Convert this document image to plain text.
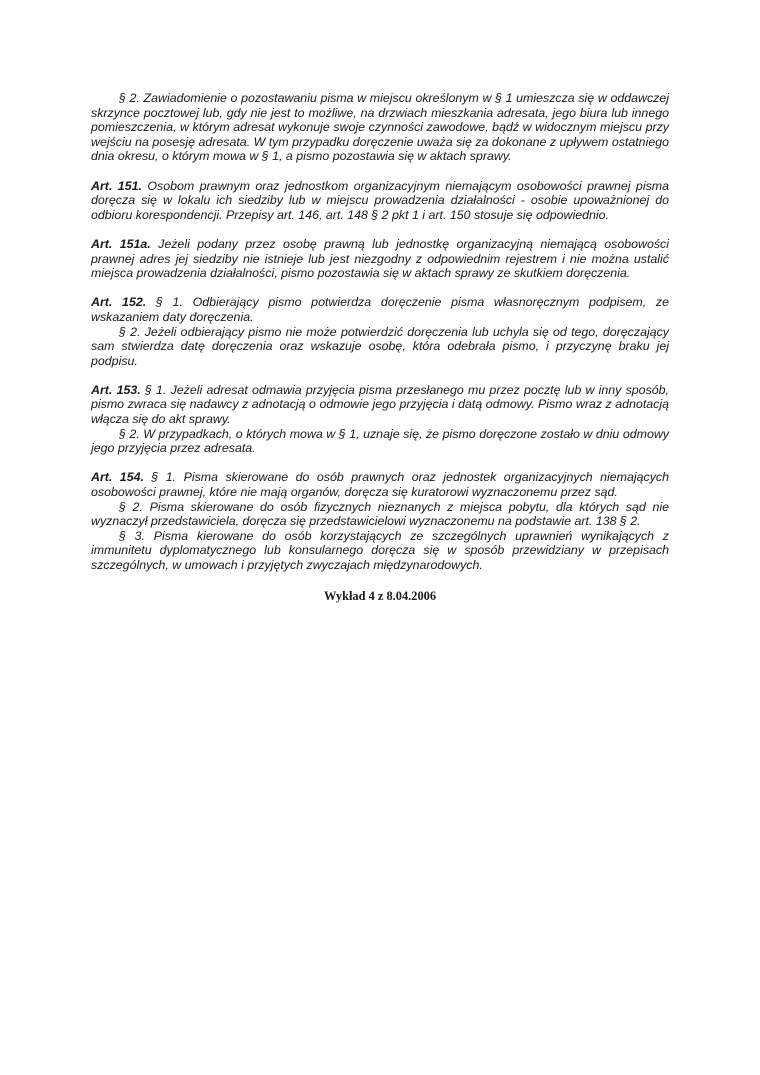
§ 2. Zawiadomienie o pozostawaniu pisma w miejscu określonym w § 1 umieszcza się w oddawczej skrzynce pocztowej lub, gdy nie jest to możliwe, na drzwiach mieszkania adresata, jego biura lub innego pomieszczenia, w którym adresat wykonuje swoje czynności zawodowe, bądź w widocznym miejscu przy wejściu na posesję adresata. W tym przypadku doręczenie uważa się za dokonane z upływem ostatniego dnia okresu, o którym mowa w § 1, a pismo pozostawia się w aktach sprawy.

Art. 151. Osobom prawnym oraz jednostkom organizacyjnym niemającym osobowości prawnej pisma doręcza się w lokalu ich siedziby lub w miejscu prowadzenia działalności - osobie upoważnionej do odbioru korespondencji. Przepisy art. 146, art. 148 § 2 pkt 1 i art. 150 stosuje się odpowiednio.

Art. 151a. Jeżeli podany przez osobę prawną lub jednostkę organizacyjną niemającą osobowości prawnej adres jej siedziby nie istnieje lub jest niezgodny z odpowiednim rejestrem i nie można ustalić miejsca prowadzenia działalności, pismo pozostawia się w aktach sprawy ze skutkiem doręczenia.

Art. 152. § 1. Odbierający pismo potwierdza doręczenie pisma własnoręcznym podpisem, ze wskazaniem daty doręczenia.

§ 2. Jeżeli odbierający pismo nie może potwierdzić doręczenia lub uchyla się od tego, doręczający sam stwierdza datę doręczenia oraz wskazuje osobę, która odebrała pismo, i przyczynę braku jej podpisu.

Art. 153. § 1. Jeżeli adresat odmawia przyjęcia pisma przesłanego mu przez pocztę lub w inny sposób, pismo zwraca się nadawcy z adnotacją o odmowie jego przyjęcia i datą odmowy. Pismo wraz z adnotacją włącza się do akt sprawy.

§ 2. W przypadkach, o których mowa w § 1, uznaje się, że pismo doręczone zostało w dniu odmowy jego przyjęcia przez adresata.

Art. 154. § 1. Pisma skierowane do osób prawnych oraz jednostek organizacyjnych niemających osobowości prawnej, które nie mają organów, doręcza się kuratorowi wyznaczonemu przez sąd.

§ 2. Pisma skierowane do osób fizycznych nieznanych z miejsca pobytu, dla których sąd nie wyznaczył przedstawiciela, doręcza się przedstawicielowi wyznaczonemu na podstawie art. 138 § 2.

§ 3. Pisma kierowane do osób korzystających ze szczególnych uprawnień wynikających z immunitetu dyplomatycznego lub konsularnego doręcza się w sposób przewidziany w przepisach szczególnych, w umowach i przyjętych zwyczajach międzynarodowych.

Wykład 4 z 8.04.2006
